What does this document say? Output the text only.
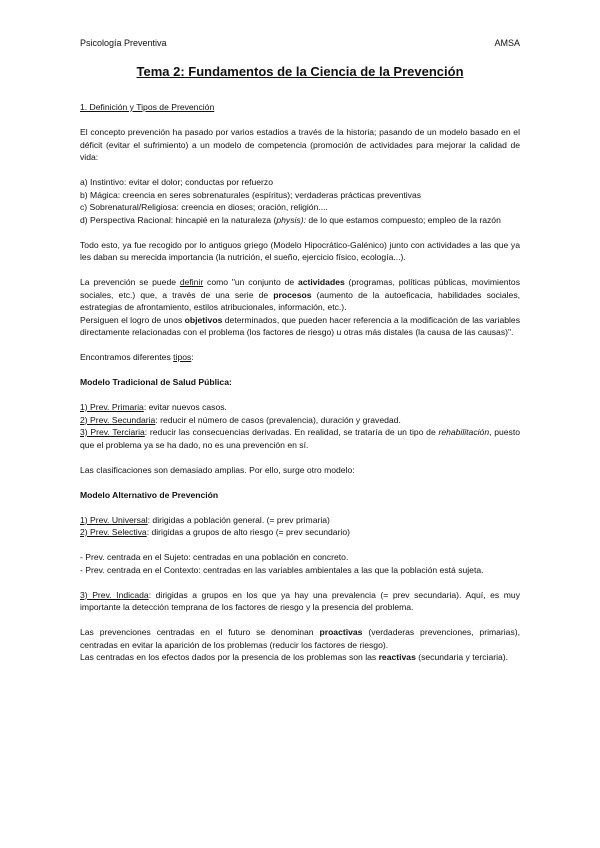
Psicología Preventiva	AMSA
Tema 2: Fundamentos de la Ciencia de la Prevención

1. Definición y Tipos de Prevención

El concepto prevención ha pasado por varios estadios a través de la historia; pasando de un modelo basado en el déficit (evitar el sufrimiento) a un modelo de competencia (promoción de actividades para mejorar la calidad de vida:

a) Instintivo: evitar el dolor; conductas por refuerzo

b) Mágica: creencia en seres sobrenaturales (espíritus); verdaderas prácticas preventivas

c) Sobrenatural/Religiosa: creencia en dioses; oración, religión....

d) Perspectiva Racional: hincapié en la naturaleza (physis): de lo que estamos compuesto; empleo de la razón

Todo esto, ya fue recogido por lo antiguos griego (Modelo Hipocrático-Galénico) junto con actividades a las que ya les daban su merecida importancia (la nutrición, el sueño, ejercicio físico, ecología...).

La prevención se puede definir como "un conjunto de actividades (programas, políticas públicas, movimientos sociales, etc.) que, a través de una serie de procesos (aumento de la autoeficacia, habilidades sociales, estrategias de afrontamiento, estilos atribucionales, información, etc.).

Persiguen el logro de unos objetivos determinados, que pueden hacer referencia a la modificación de las variables directamente relacionadas con el problema (los factores de riesgo) u otras más distales (la causa de las causas)".

Encontramos diferentes tipos:

Modelo Tradicional de Salud Pública:

1) Prev. Primaria: evitar nuevos casos.

2) Prev. Secundaria: reducir el número de casos (prevalencia), duración y gravedad.

3) Prev. Terciaria: reducir las consecuencias derivadas. En realidad, se trataría de un tipo de rehabilitación, puesto que el problema ya se ha dado, no es una prevención en sí.

Las clasificaciones son demasiado amplias. Por ello, surge otro modelo:

Modelo Alternativo de Prevención

1) Prev. Universal: dirigidas a población general. (= prev primaria)

2) Prev. Selectiva: dirigidas a grupos de alto riesgo (= prev secundario)

- Prev. centrada en el Sujeto: centradas en una población en concreto.

- Prev. centrada en el Contexto: centradas en las variables ambientales a las que la población está sujeta.

3) Prev. Indicada: dirigidas a grupos en los que ya hay una prevalencia (= prev secundaria). Aquí, es muy importante la detección temprana de los factores de riesgo y la presencia del problema.

Las prevenciones centradas en el futuro se denominan proactivas (verdaderas prevenciones, primarias), centradas en evitar la aparición de los problemas (reducir los factores de riesgo).

Las centradas en los efectos dados por la presencia de los problemas son las reactivas (secundaria y terciaria).
